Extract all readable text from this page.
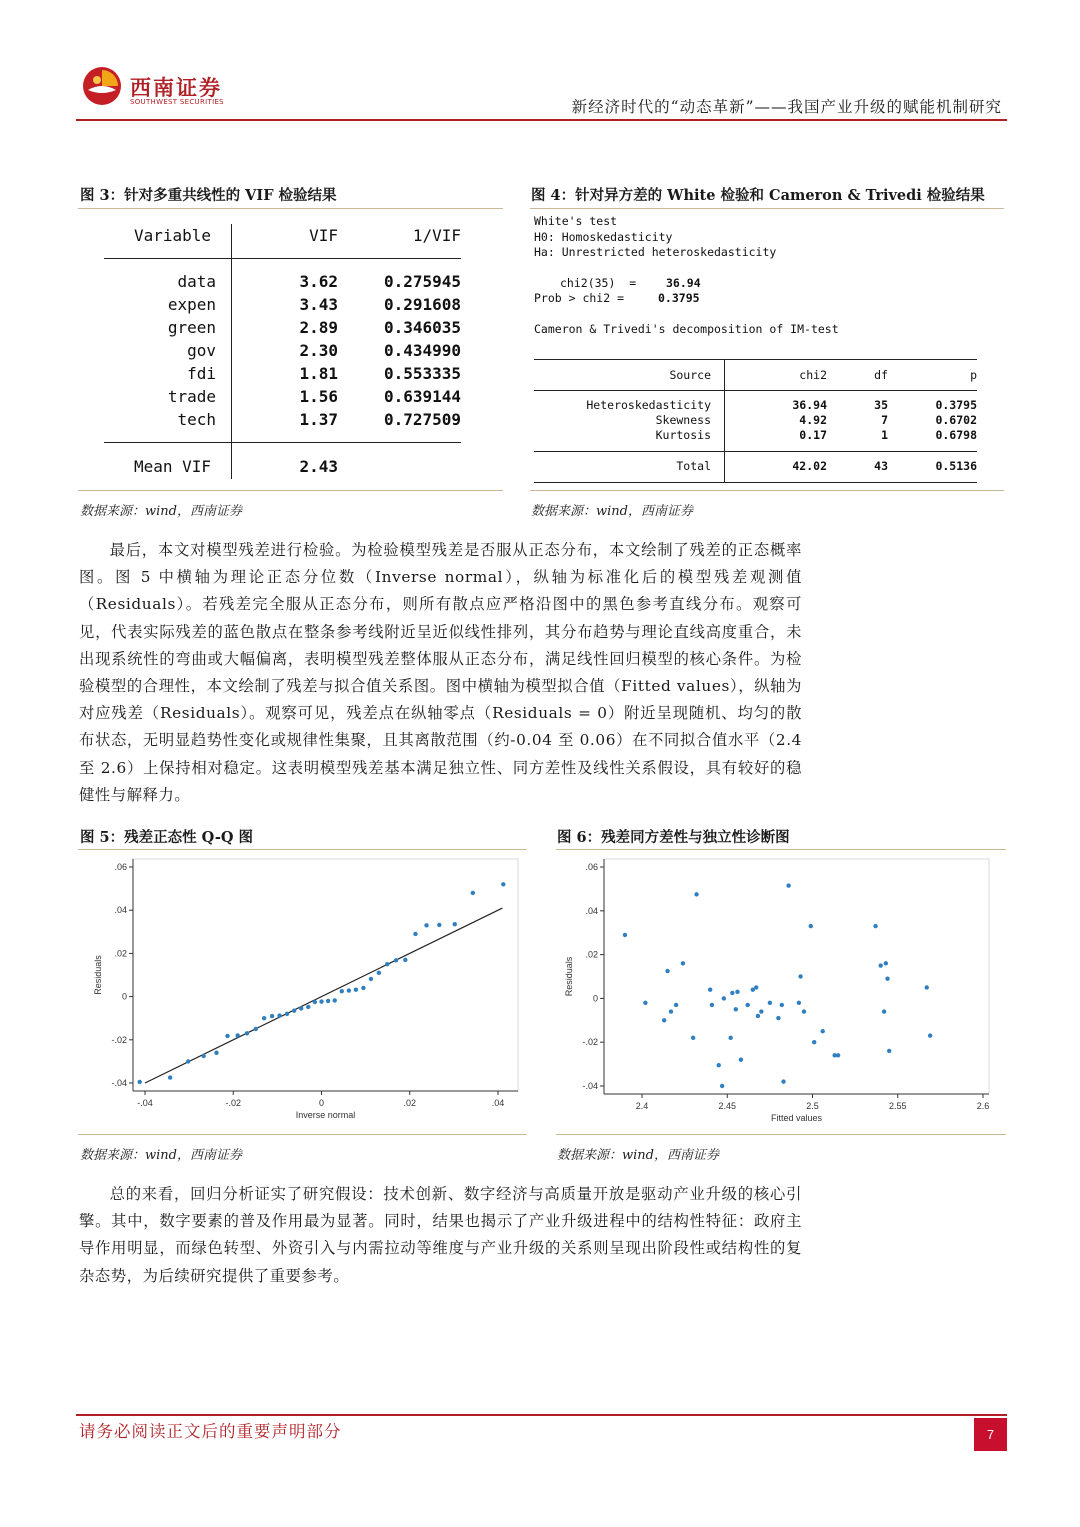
西南证券
SOUTHWEST SECURITIES	新经济时代的“动态革新”——我国产业升级的赋能机制研究
图 3：针对多重共线性的 VIF 检验结果
Variable	VIF	1/VIF
data	3.62	0.275945
expen	3.43	0.291608
green	2.89	0.346035
gov	2.30	0.434990
fdi	1.81	0.553335
trade	1.56	0.639144
tech	1.37	0.727509
Mean VIF	2.43
数据来源：wind，西南证券
图 4：针对异方差的 White 检验和 Cameron & Trivedi 检验结果
White's test
H0: Homoskedasticity
Ha: Unrestricted heteroskedasticity
chi2(35)  =	36.94
Prob > chi2 =	0.3795
Cameron & Trivedi's decomposition of IM-test
Source	chi2	df	p
Heteroskedasticity	36.94	35	0.3795
Skewness	4.92	7	0.6702
Kurtosis	0.17	1	0.6798
Total	42.02	43	0.5136
数据来源：wind，西南证券

最后，本文对模型残差进行检验。为检验模型残差是否服从正态分布，本文绘制了残差的正态概率图。图 5 中横轴为理论正态分位数（Inverse normal），纵轴为标准化后的模型残差观测值（Residuals）。若残差完全服从正态分布，则所有散点应严格沿图中的黑色参考直线分布。观察可见，代表实际残差的蓝色散点在整条参考线附近呈近似线性排列，其分布趋势与理论直线高度重合，未出现系统性的弯曲或大幅偏离，表明模型残差整体服从正态分布，满足线性回归模型的核心条件。为检验模型的合理性，本文绘制了残差与拟合值关系图。图中横轴为模型拟合值（Fitted values），纵轴为对应残差（Residuals）。观察可见，残差点在纵轴零点（Residuals = 0）附近呈现随机、均匀的散布状态，无明显趋势性变化或规律性集聚，且其离散范围（约-0.04 至 0.06）在不同拟合值水平（2.4 至 2.6）上保持相对稳定。这表明模型残差基本满足独立性、同方差性及线性关系假设，具有较好的稳健性与解释力。

图 5：残差正态性 Q-Q 图
-.04
-.02
0
.02
.04
.06
-.04	-.02	0	.02	.04
Inverse normal
Residuals
数据来源：wind，西南证券
图 6：残差同方差性与独立性诊断图
-.04
-.02
0
.02
.04
.06
2.4	2.45	2.5	2.55	2.6
Fitted values
Residuals
数据来源：wind，西南证券

总的来看，回归分析证实了研究假设：技术创新、数字经济与高质量开放是驱动产业升级的核心引擎。其中，数字要素的普及作用最为显著。同时，结果也揭示了产业升级进程中的结构性特征：政府主导作用明显，而绿色转型、外资引入与内需拉动等维度与产业升级的关系则呈现出阶段性或结构性的复杂态势，为后续研究提供了重要参考。

请务必阅读正文后的重要声明部分	7
